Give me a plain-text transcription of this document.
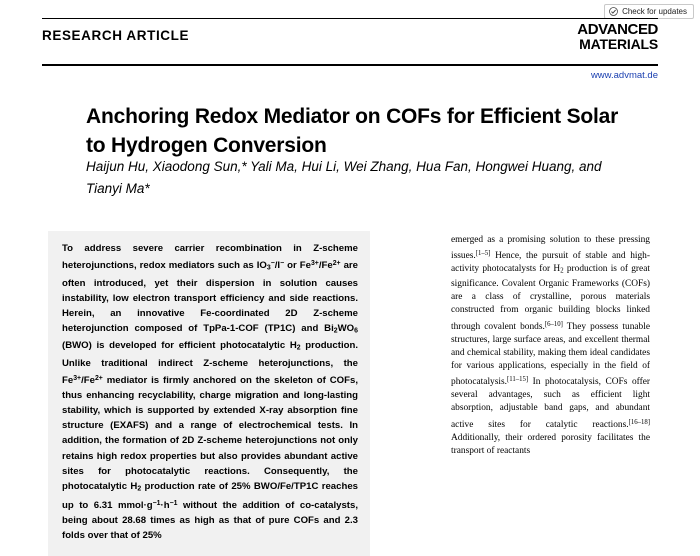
Check for updates
RESEARCH ARTICLE	ADVANCED
MATERIALS
www.advmat.de
Anchoring Redox Mediator on COFs for Efficient Solar to Hydrogen Conversion
Haijun Hu, Xiaodong Sun,* Yali Ma, Hui Li, Wei Zhang, Hua Fan, Hongwei Huang, and Tianyi Ma*
To address severe carrier recombination in Z-scheme heterojunctions, redox mediators such as $IO_3^-/I^-$ or $Fe^{3+}/Fe^{2+}$ are often introduced, yet their dispersion in solution causes instability, low electron transport efficiency and side reactions. Herein, an innovative Fe-coordinated 2D Z-scheme heterojunction composed of TpPa-1-COF (TP1C) and $Bi_2WO_6$ (BWO) is developed for efficient photocatalytic $H_2$ production. Unlike traditional indirect Z-scheme heterojunctions, the $Fe^{3+}/Fe^{2+}$ mediator is firmly anchored on the skeleton of COFs, thus enhancing recyclability, charge migration and long-lasting stability, which is supported by extended X-ray absorption fine structure (EXAFS) and a range of electrochemical tests. In addition, the formation of 2D Z-scheme heterojunctions not only retains high redox properties but also provides abundant active sites for photocatalytic reactions. Consequently, the photocatalytic $H_2$ production rate of 25% BWO/Fe/TP1C reaches up to 6.31 $mmol\cdot g^{-1}\cdot h^{-1}$ without the addition of co-catalysts, being about 28.68 times as high as that of pure COFs and 2.3 folds over that of 25%

emerged as a promising solution to these pressing issues.[1–5] Hence, the pursuit of stable and high-activity photocatalysts for $H_2$ production is of great significance. Covalent Organic Frameworks (COFs) are a class of crystalline, porous materials constructed from organic building blocks linked through covalent bonds.[6–10] They possess tunable structures, large surface areas, and excellent thermal and chemical stability, making them ideal candidates for various applications, especially in the field of photocatalysis.[11–15] In photocatalysis, COFs offer several advantages, such as efficient light absorption, adjustable band gaps, and abundant active sites for catalytic reactions.[16–18] Additionally, their ordered porosity facilitates the transport of reactants
